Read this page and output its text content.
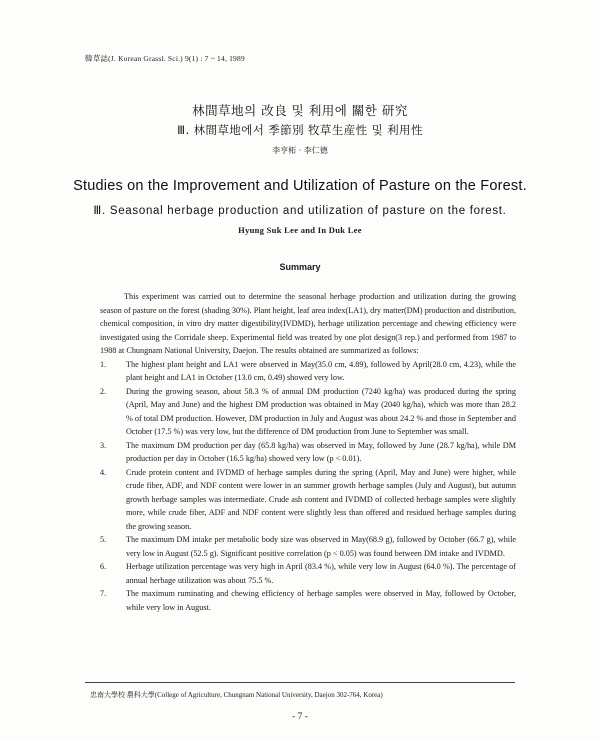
韓草誌(J. Korean Grassl. Sci.) 9(1) : 7 ~ 14, 1989
林間草地의 改良 및 利用에 關한 研究
Ⅲ. 林間草地에서 季節別 牧草生産性 및 利用性
李亨柘 · 李仁德
Studies on the Improvement and Utilization of Pasture on the Forest.
Ⅲ. Seasonal herbage production and utilization of pasture on the forest.
Hyung Suk Lee and In Duk Lee
Summary

This experiment was carried out to determine the seasonal herbage production and utilization during the growing season of pasture on the forest (shading 30%). Plant height, leaf area index(LA1), dry matter(DM) production and distribution, chemical composition, in vitro dry matter digestibility(IVDMD), herbage utilization percentage and chewing efficiency were investigated using the Corridale sheep. Experimental field was treated by one plot design(3 rep.) and performed from 1987 to 1988 at Chungnam National University, Daejon. The results obtained are summarized as follows:

1. The highest plant height and LA1 were observed in May(35.0 cm, 4.89), followed by April(28.0 cm, 4.23), while the plant height and LA1 in October (13.0 cm, 0.49) showed very low.
2. During the growing season, about 58.3 % of annual DM production (7240 kg/ha) was produced during the spring (April, May and June) and the highest DM production was obtained in May (2040 kg/ha), which was more than 28.2 % of total DM production. However, DM production in July and August was about 24.2 % and those in September and October (17.5 %) was very low, but the difference of DM production from June to September was small.
3. The maximum DM production per day (65.8 kg/ha) was observed in May, followed by June (28.7 kg/ha), while DM production per day in October (16.5 kg/ha) showed very low (p < 0.01).
4. Crude protein content and IVDMD of herbage samples during the spring (April, May and June) were higher, while crude fiber, ADF, and NDF content were lower in an summer growth herbage samples (July and August), but autumn growth herbage samples was intermediate. Crude ash content and IVDMD of collected herbage samples were slightly more, while crude fiber, ADF and NDF content were slightly less than offered and residued herbage samples during the growing season.
5. The maximum DM intake per metabolic body size was observed in May(68.9 g), followed by October (66.7 g), while very low in August (52.5 g). Significant positive correlation (p < 0.05) was found between DM intake and IVDMD.
6. Herbage utilization percentage was very high in April (83.4 %), while very low in August (64.0 %). The percentage of annual herbage utilization was about 75.5 %.
7. The maximum ruminating and chewing efficiency of herbage samples were observed in May, followed by October, while very low in August.
忠南大學校 農科大學(College of Agriculture, Chungnam National University, Daejon 302-764, Korea)
- 7 -
